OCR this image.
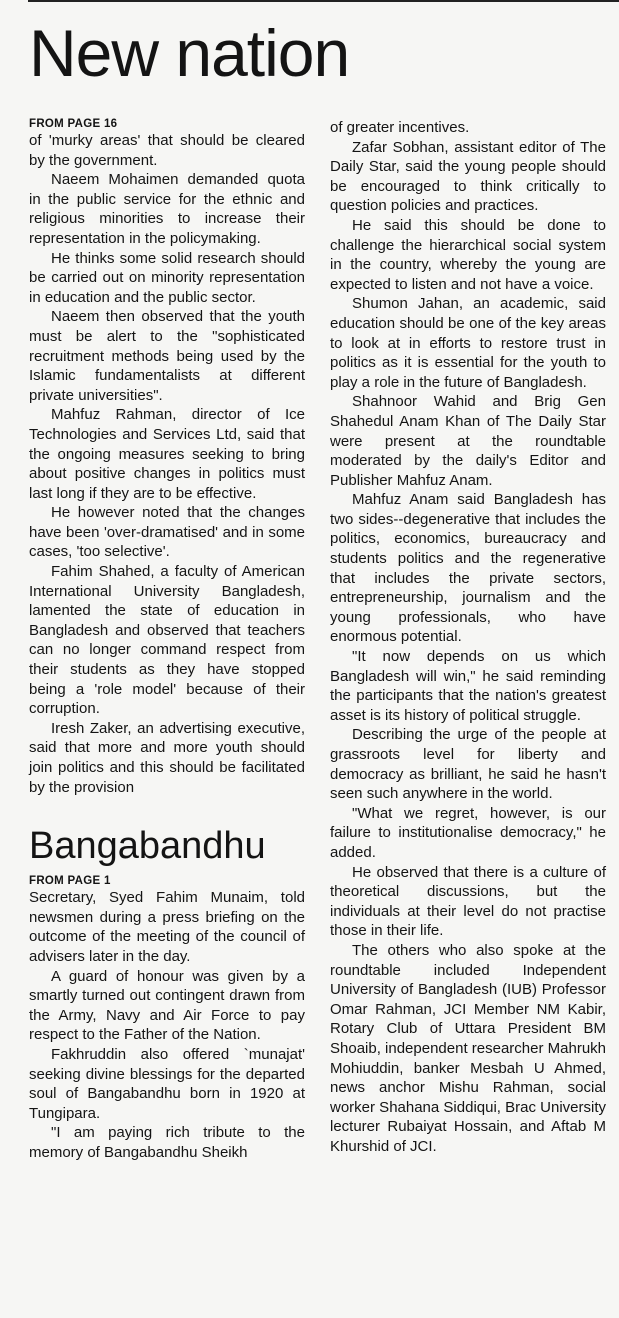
New nation

FROM PAGE 16

of 'murky areas' that should be cleared by the government.

Naeem Mohaimen demanded quota in the public service for the ethnic and religious minorities to increase their representation in the policymaking.

He thinks some solid research should be carried out on minority representation in education and the public sector.

Naeem then observed that the youth must be alert to the "sophisticated recruitment methods being used by the Islamic fundamentalists at different private universities".

Mahfuz Rahman, director of Ice Technologies and Services Ltd, said that the ongoing measures seeking to bring about positive changes in politics must last long if they are to be effective.

He however noted that the changes have been 'over-dramatised' and in some cases, 'too selective'.

Fahim Shahed, a faculty of American International University Bangladesh, lamented the state of education in Bangladesh and observed that teachers can no longer command respect from their students as they have stopped being a 'role model' because of their corruption.

Iresh Zaker, an advertising executive, said that more and more youth should join politics and this should be facilitated by the provision

Bangabandhu

FROM PAGE 1

Secretary, Syed Fahim Munaim, told newsmen during a press briefing on the outcome of the meeting of the council of advisers later in the day.

A guard of honour was given by a smartly turned out contingent drawn from the Army, Navy and Air Force to pay respect to the Father of the Nation.

Fakhruddin also offered `munajat' seeking divine blessings for the departed soul of Bangabandhu born in 1920 at Tungipara.

"I am paying rich tribute to the memory of Bangabandhu Sheikh

of greater incentives.

Zafar Sobhan, assistant editor of The Daily Star, said the young people should be encouraged to think critically to question policies and practices.

He said this should be done to challenge the hierarchical social system in the country, whereby the young are expected to listen and not have a voice.

Shumon Jahan, an academic, said education should be one of the key areas to look at in efforts to restore trust in politics as it is essential for the youth to play a role in the future of Bangladesh.

Shahnoor Wahid and Brig Gen Shahedul Anam Khan of The Daily Star were present at the roundtable moderated by the daily's Editor and Publisher Mahfuz Anam.

Mahfuz Anam said Bangladesh has two sides--degenerative that includes the politics, economics, bureaucracy and students politics and the regenerative that includes the private sectors, entrepreneurship, journalism and the young professionals, who have enormous potential.

"It now depends on us which Bangladesh will win," he said reminding the participants that the nation's greatest asset is its history of political struggle.

Describing the urge of the people at grassroots level for liberty and democracy as brilliant, he said he hasn't seen such anywhere in the world.

"What we regret, however, is our failure to institutionalise democracy," he added.

He observed that there is a culture of theoretical discussions, but the individuals at their level do not practise those in their life.

The others who also spoke at the roundtable included Independent University of Bangladesh (IUB) Professor Omar Rahman, JCI Member NM Kabir, Rotary Club of Uttara President BM Shoaib, independent researcher Mahrukh Mohiuddin, banker Mesbah U Ahmed, news anchor Mishu Rahman, social worker Shahana Siddiqui, Brac University lecturer Rubaiyat Hossain, and Aftab M Khurshid of JCI.
